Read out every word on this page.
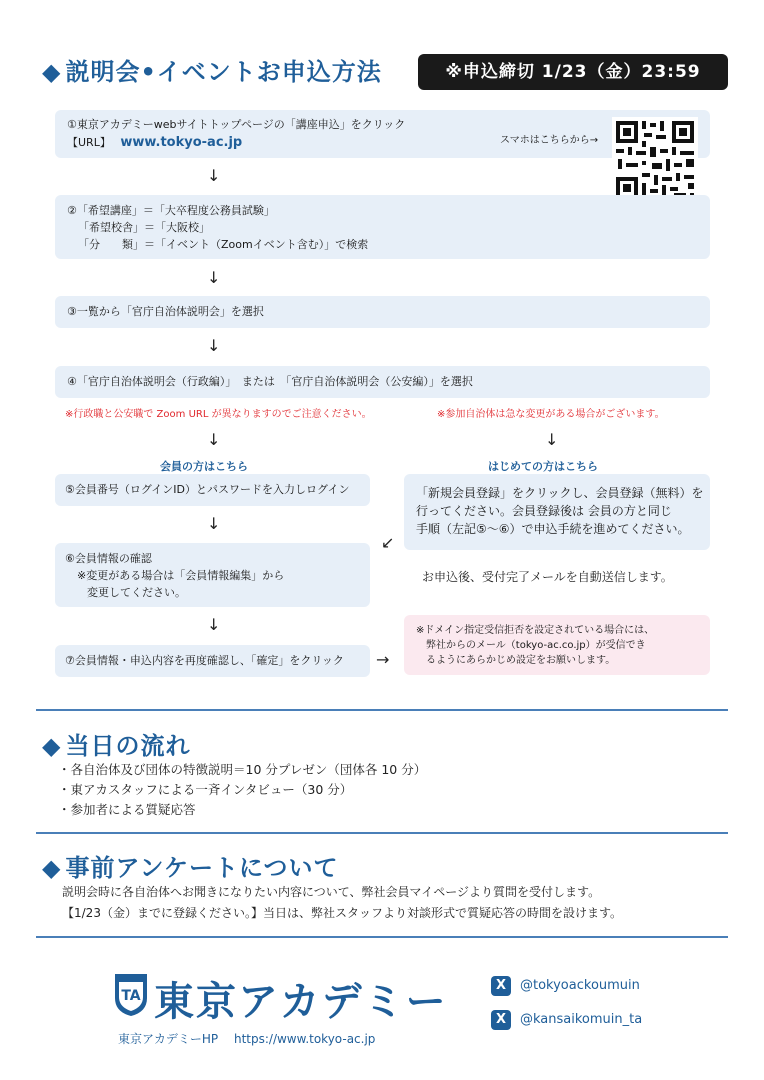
◆ 説明会•イベントお申込方法	※申込締切 1/23（金）23:59
①東京アカデミーwebサイトトップページの「講座申込」をクリック
【URL】 www.tokyo-ac.jp	スマホはこちらから→
↓
②「希望講座」＝「大卒程度公務員試験」
「希望校舎」＝「大阪校」
「分　　類」＝「イベント（Zoomイベント含む）」で検索
↓
③一覧から「官庁自治体説明会」を選択
↓
④「官庁自治体説明会（行政編）」　または　「官庁自治体説明会（公安編）」を選択
※行政職と公安職で Zoom URL が異なりますのでご注意ください。	※参加自治体は急な変更がある場合がございます。
↓	↓
会員の方はこちら	はじめての方はこちら
⑤会員番号（ログインID）とパスワードを入力しログイン	「新規会員登録」をクリックし、会員登録（無料）を
行ってください。会員登録後は 会員の方と同じ
手順（左記⑤〜⑥）で申込手続を進めてください。
↓
↙
⑥会員情報の確認
※変更がある場合は「会員情報編集」から
変更してください。
お申込後、受付完了メールを自動送信します。
↓
⑦会員情報・申込内容を再度確認し、「確定」をクリック	→
※ドメイン指定受信拒否を設定されている場合には、
弊社からのメール（tokyo-ac.co.jp）が受信でき
るようにあらかじめ設定をお願いします。
◆ 当日の流れ
・各自治体及び団体の特徴説明＝10 分プレゼン（団体各 10 分）
・東アカスタッフによる一斉インタビュー（30 分）
・参加者による質疑応答
◆ 事前アンケートについて
説明会時に各自治体へお聞きになりたい内容について、弊社会員マイページより質問を受付します。
【1/23（金）までに登録ください。】当日は、弊社スタッフより対談形式で質疑応答の時間を設けます。
TA 東京アカデミー
東京アカデミーHP https://www.tokyo-ac.jp
X	@tokyoackoumuin
X	@kansaikomuin_ta
